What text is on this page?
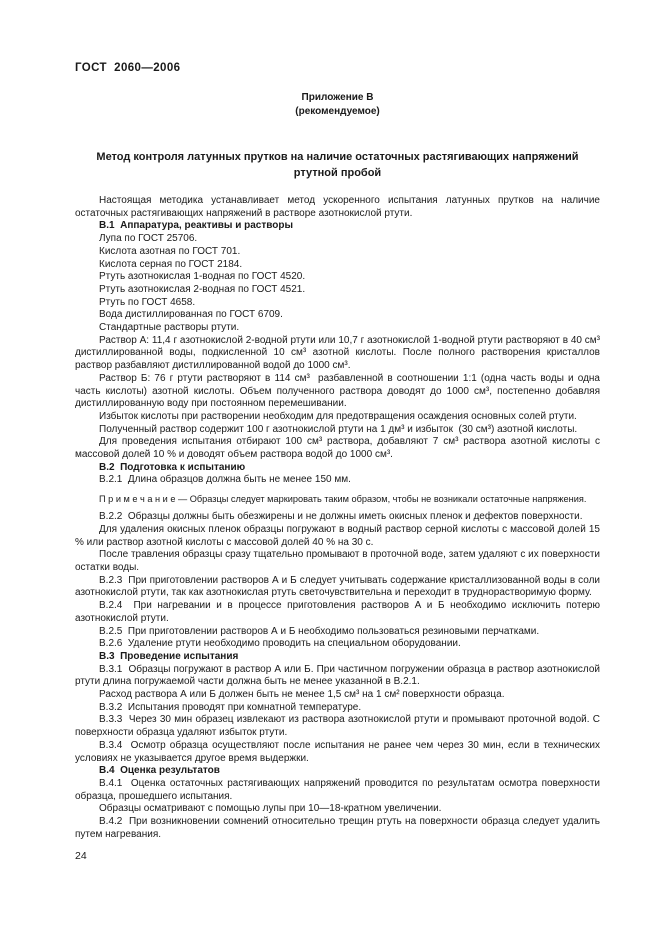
ГОСТ  2060—2006
Приложение В
(рекомендуемое)
Метод контроля латунных прутков на наличие остаточных растягивающих напряжений ртутной пробой

Настоящая методика устанавливает метод ускоренного испытания латунных прутков на наличие остаточных растягивающих напряжений в растворе азотнокислой ртути.

В.1  Аппаратура, реактивы и растворы

Лупа по ГОСТ 25706.

Кислота азотная по ГОСТ 701.

Кислота серная по ГОСТ 2184.

Ртуть азотнокислая 1-водная по ГОСТ 4520.

Ртуть азотнокислая 2-водная по ГОСТ 4521.

Ртуть по ГОСТ 4658.

Вода дистиллированная по ГОСТ 6709.

Стандартные растворы ртути.

Раствор А: 11,4 г азотнокислой 2-водной ртути или 10,7 г азотнокислой 1-водной ртути растворяют в 40 см³ дистиллированной воды, подкисленной 10 см³ азотной кислоты. После полного растворения кристаллов раствор разбавляют дистиллированной водой до 1000 см³.

Раствор Б: 76 г ртути растворяют в 114 см³  разбавленной в соотношении 1:1 (одна часть воды и одна часть кислоты) азотной кислоты. Объем полученного раствора доводят до 1000 см³, постепенно добавляя дистиллированную воду при постоянном перемешивании.

Избыток кислоты при растворении необходим для предотвращения осаждения основных солей ртути.

Полученный раствор содержит 100 г азотнокислой ртути на 1 дм³ и избыток  (30 см³) азотной кислоты.

Для проведения испытания отбирают 100 см³ раствора, добавляют 7 см³ раствора азотной кислоты с массовой долей 10 % и доводят объем раствора водой до 1000 см³.

В.2  Подготовка к испытанию

В.2.1  Длина образцов должна быть не менее 150 мм.

П р и м е ч а н и е — Образцы следует маркировать таким образом, чтобы не возникали остаточные напряжения.

В.2.2  Образцы должны быть обезжирены и не должны иметь окисных пленок и дефектов поверхности.

Для удаления окисных пленок образцы погружают в водный раствор серной кислоты с массовой долей 15 % или раствор азотной кислоты с массовой долей 40 % на 30 с.

После травления образцы сразу тщательно промывают в проточной воде, затем удаляют с их поверхности остатки воды.

В.2.3  При приготовлении растворов А и Б следует учитывать содержание кристаллизованной воды в соли азотнокислой ртути, так как азотнокислая ртуть светочувствительна и переходит в труднорастворимую форму.

В.2.4  При нагревании и в процессе приготовления растворов А и Б необходимо исключить потерю азотнокислой ртути.

В.2.5  При приготовлении растворов А и Б необходимо пользоваться резиновыми перчатками.

В.2.6  Удаление ртути необходимо проводить на специальном оборудовании.

В.3  Проведение испытания

В.3.1  Образцы погружают в раствор А или Б. При частичном погружении образца в раствор азотнокислой ртути длина погружаемой части должна быть не менее указанной в В.2.1.

Расход раствора А или Б должен быть не менее 1,5 см³ на 1 см² поверхности образца.

В.3.2  Испытания проводят при комнатной температуре.

В.3.3  Через 30 мин образец извлекают из раствора азотнокислой ртути и промывают проточной водой. С  поверхности образца удаляют избыток ртути.

В.3.4  Осмотр образца осуществляют после испытания не ранее чем через 30 мин, если в технических условиях не указывается другое время выдержки.

В.4  Оценка результатов

В.4.1  Оценка остаточных растягивающих напряжений проводится по результатам осмотра поверхности образца, прошедшего испытания.

Образцы осматривают с помощью лупы при 10—18-кратном увеличении.

В.4.2  При возникновении сомнений относительно трещин ртуть на поверхности образца следует удалить путем нагревания.

24
